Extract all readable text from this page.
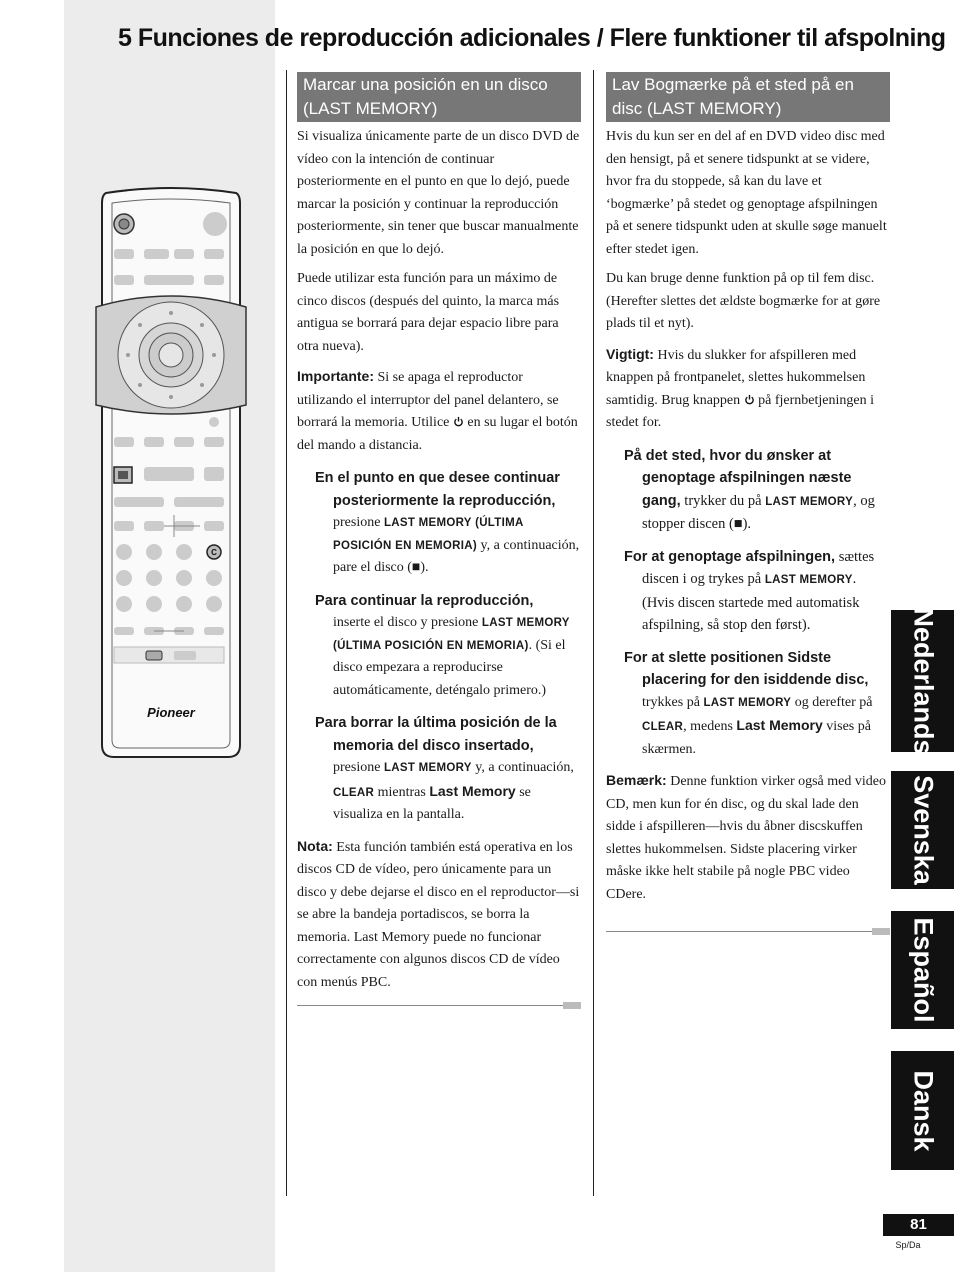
5 Funciones de reproducción adicionales / Flere funktioner til afspolning
C
Pioneer
Marcar una posición en un disco (LAST MEMORY)

Si visualiza únicamente parte de un disco DVD de vídeo con la intención de continuar posteriormente en el punto en que lo dejó, puede marcar la posición y continuar la reproducción posteriormente, sin tener que buscar manualmente la posición en que lo dejó.

Puede utilizar esta función para un máximo de cinco discos (después del quinto, la marca más antigua se borrará para dejar espacio libre para otra nueva).

Importante: Si se apaga el reproductor utilizando el interruptor del panel delantero, se borrará la memoria. Utilice  en su lugar el botón del mando a distancia.

En el punto en que desee continuar posteriormente la reproducción,
presione LAST MEMORY (ÚLTIMA POSICIÓN EN MEMORIA) y, a continuación, pare el disco (■).
Para continuar la reproducción,
inserte el disco y presione LAST MEMORY (ÚLTIMA POSICIÓN EN MEMORIA). (Si el disco empezara a reproducirse automáticamente, deténgalo primero.)
Para borrar la última posición de la memoria del disco insertado,
presione LAST MEMORY y, a continuación, CLEAR mientras Last Memory se visualiza en la pantalla.

Nota: Esta función también está operativa en los discos CD de vídeo, pero únicamente para un disco y debe dejarse el disco en el reproductor—si se abre la bandeja portadiscos, se borra la memoria. Last Memory puede no funcionar correctamente con algunos discos CD de vídeo con menús PBC.

Lav Bogmærke på et sted på en disc (LAST MEMORY)

Hvis du kun ser en del af en DVD video disc med den hensigt, på et senere tidspunkt at se videre, hvor fra du stoppede, så kan du lave et ‘bogmærke’ på stedet og genoptage afspilningen på et senere tidspunkt uden at skulle søge manuelt efter stedet igen.

Du kan bruge denne funktion på op til fem disc. (Herefter slettes det ældste bogmærke for at gøre plads til et nyt).

Vigtigt: Hvis du slukker for afspilleren med knappen på frontpanelet, slettes hukommelsen samtidig. Brug knappen  på fjernbetjeningen i stedet for.

På det sted, hvor du ønsker at genoptage afspilningen næste gang, trykker du på LAST MEMORY, og stopper discen (■).
For at genoptage afspilningen, sættes discen i og trykes på LAST MEMORY. (Hvis discen startede med automatisk afspilning, så stop den først).
For at slette positionen Sidste placering for den isiddende disc,
trykkes på LAST MEMORY og derefter på CLEAR, medens Last Memory vises på skærmen.

Bemærk: Denne funktion virker også med video CD, men kun for én disc, og du skal lade den sidde i afspilleren—hvis du åbner discskuffen slettes hukommelsen. Sidste placering virker måske ikke helt stabile på nogle PBC video CDere.

Nederlands
Svenska
Español
Dansk
81
Sp/Da
